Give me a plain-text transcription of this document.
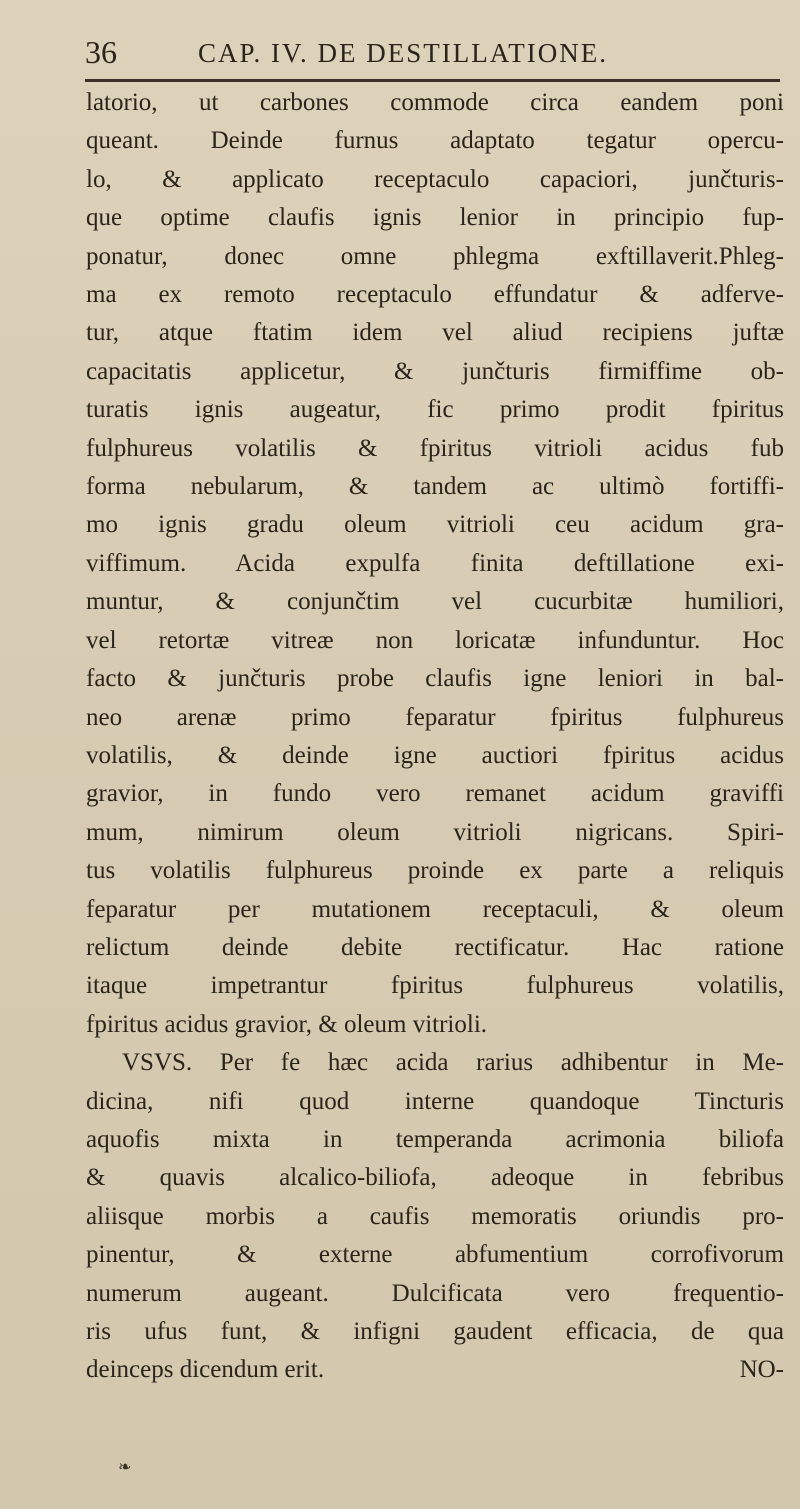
36	CAP. IV. DE DESTILLATIONE.
latorio, ut carbones commode circa eandem poni
queant. Deinde furnus adaptato tegatur opercu-
lo, & applicato receptaculo capaciori, junčturis-
que optime claufis ignis lenior in principio fup-
ponatur, donec omne phlegma exftillaverit.Phleg-
ma ex remoto receptaculo effundatur & adferve-
tur, atque ftatim idem vel aliud recipiens juftæ
capacitatis applicetur, & junčturis firmiffime ob-
turatis ignis augeatur, fic primo prodit fpiritus
fulphureus volatilis & fpiritus vitrioli acidus fub
forma nebularum, & tandem ac ultimò fortiffi-
mo ignis gradu oleum vitrioli ceu acidum gra-
viffimum. Acida expulfa finita deftillatione exi-
muntur, & conjunčtim vel cucurbitæ humiliori,
vel retortæ vitreæ non loricatæ infunduntur. Hoc
facto & junčturis probe claufis igne leniori in bal-
neo arenæ primo feparatur fpiritus fulphureus
volatilis, & deinde igne auctiori fpiritus acidus
gravior, in fundo vero remanet acidum graviffi
mum, nimirum oleum vitrioli nigricans. Spiri-
tus volatilis fulphureus proinde ex parte a reliquis
feparatur per mutationem receptaculi, & oleum
relictum deinde debite rectificatur. Hac ratione
itaque impetrantur fpiritus fulphureus volatilis,
fpiritus acidus gravior, & oleum vitrioli.
VSVS. Per fe hæc acida rarius adhibentur in Me-
dicina, nifi quod interne quandoque Tincturis
aquofis mixta in temperanda acrimonia biliofa
& quavis alcalico-biliofa, adeoque in febribus
aliisque morbis a caufis memoratis oriundis pro-
pinentur, & externe abfumentium corrofivorum
numerum augeant. Dulcificata vero frequentio-
ris ufus funt, & infigni gaudent efficacia, de qua
deinceps dicendum erit.	NO-
❧
